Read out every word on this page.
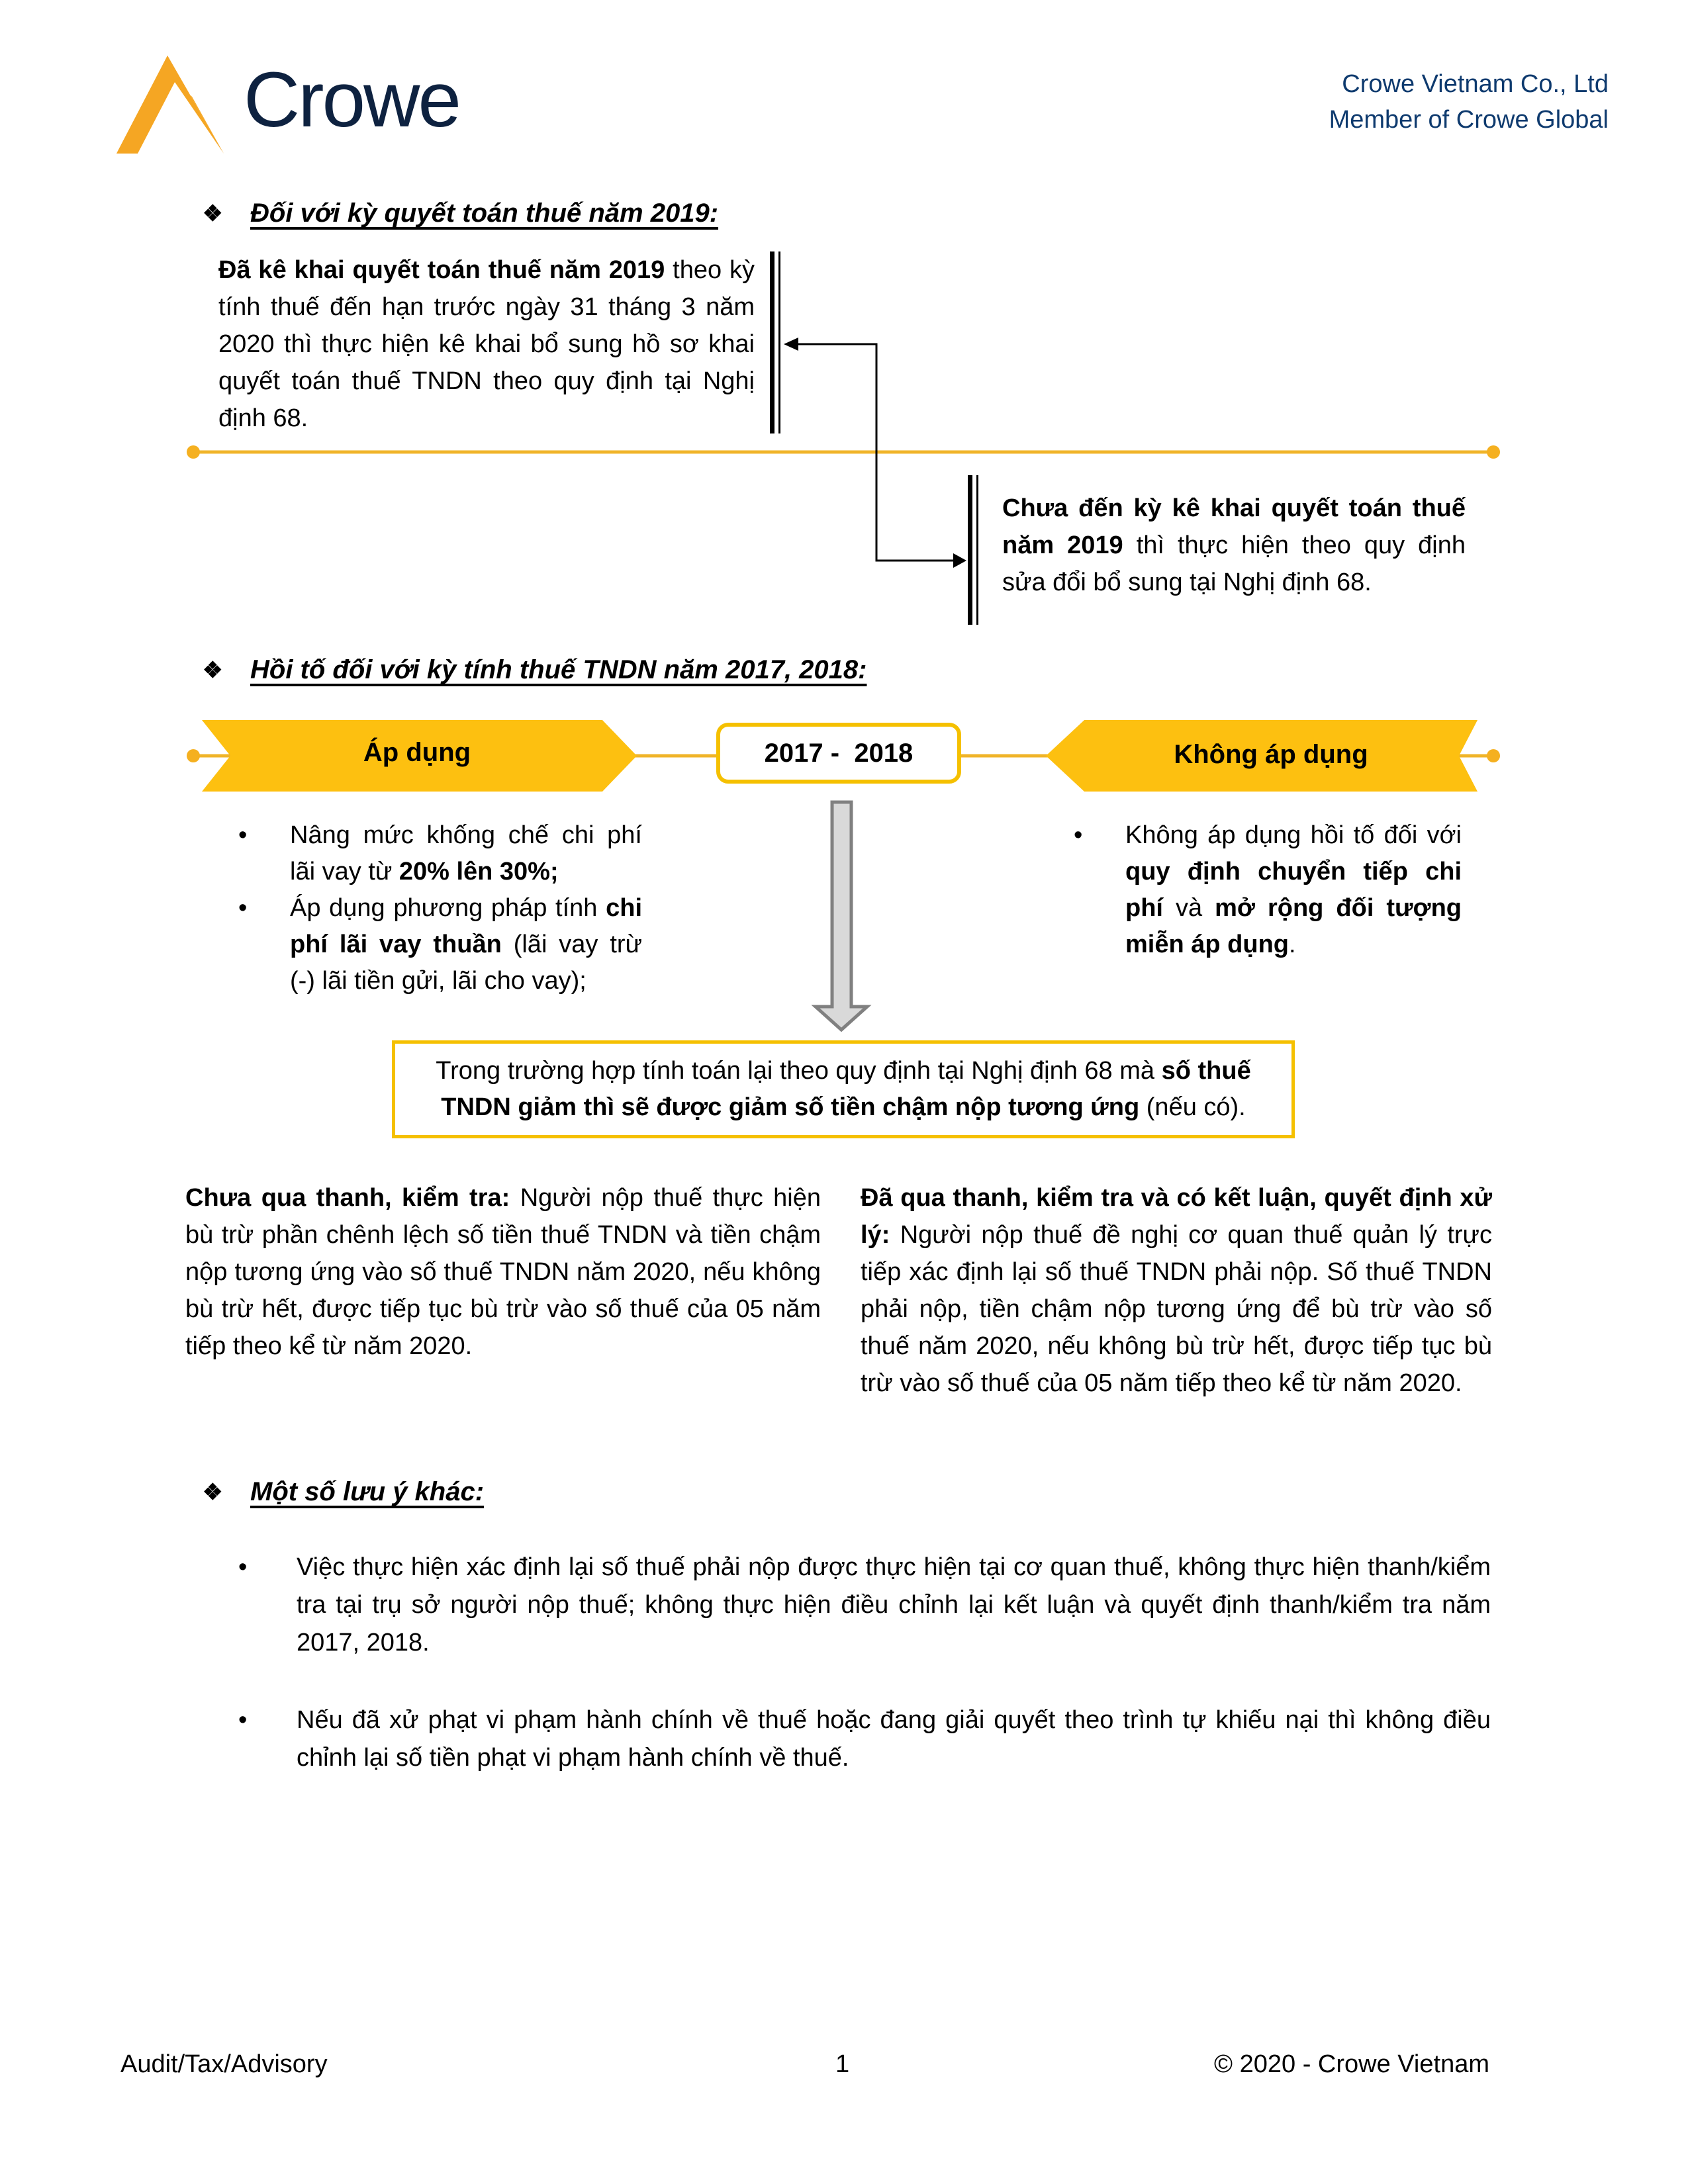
Crowe	Crowe Vietnam Co., Ltd
Member of Crowe Global
❖	Đối với kỳ quyết toán thuế năm 2019:
Đã kê khai quyết toán thuế năm 2019 theo kỳ tính thuế đến hạn trước ngày 31 tháng 3 năm 2020 thì thực hiện kê khai bổ sung hồ sơ khai quyết toán thuế TNDN theo quy định tại Nghị định 68.
Chưa đến kỳ kê khai quyết toán thuế năm 2019 thì thực hiện theo quy định sửa đổi bổ sung tại Nghị định 68.
❖	Hồi tố đối với kỳ tính thuế TNDN năm 2017, 2018:
Áp dụng	2017 -  2018	Không áp dụng
• Nâng mức khống chế chi phí lãi vay từ 20% lên 30%;
• Áp dụng phương pháp tính chi phí lãi vay thuần (lãi vay trừ (-) lãi tiền gửi, lãi cho vay);
• Không áp dụng hồi tố đối với quy định chuyển tiếp chi phí và mở rộng đối tượng miễn áp dụng.
Trong trường hợp tính toán lại theo quy định tại Nghị định 68 mà số thuế TNDN giảm thì sẽ được giảm số tiền chậm nộp tương ứng (nếu có).
Chưa qua thanh, kiểm tra: Người nộp thuế thực hiện bù trừ phần chênh lệch số tiền thuế TNDN và tiền chậm nộp tương ứng vào số thuế TNDN năm 2020, nếu không bù trừ hết, được tiếp tục bù trừ vào số thuế của 05 năm tiếp theo kể từ năm 2020.
Đã qua thanh, kiểm tra và có kết luận, quyết định xử lý: Người nộp thuế đề nghị cơ quan thuế quản lý trực tiếp xác định lại số thuế TNDN phải nộp. Số thuế TNDN phải nộp, tiền chậm nộp tương ứng để bù trừ vào số thuế năm 2020, nếu không bù trừ hết, được tiếp tục bù trừ vào số thuế của 05 năm tiếp theo kể từ năm 2020.
❖	Một số lưu ý khác:
• Việc thực hiện xác định lại số thuế phải nộp được thực hiện tại cơ quan thuế, không thực hiện thanh/kiểm tra tại trụ sở người nộp thuế; không thực hiện điều chỉnh lại kết luận và quyết định thanh/kiểm tra năm 2017, 2018.
• Nếu đã xử phạt vi phạm hành chính về thuế hoặc đang giải quyết theo trình tự khiếu nại thì không điều chỉnh lại số tiền phạt vi phạm hành chính về thuế.
Audit/Tax/Advisory	1	© 2020 - Crowe Vietnam
